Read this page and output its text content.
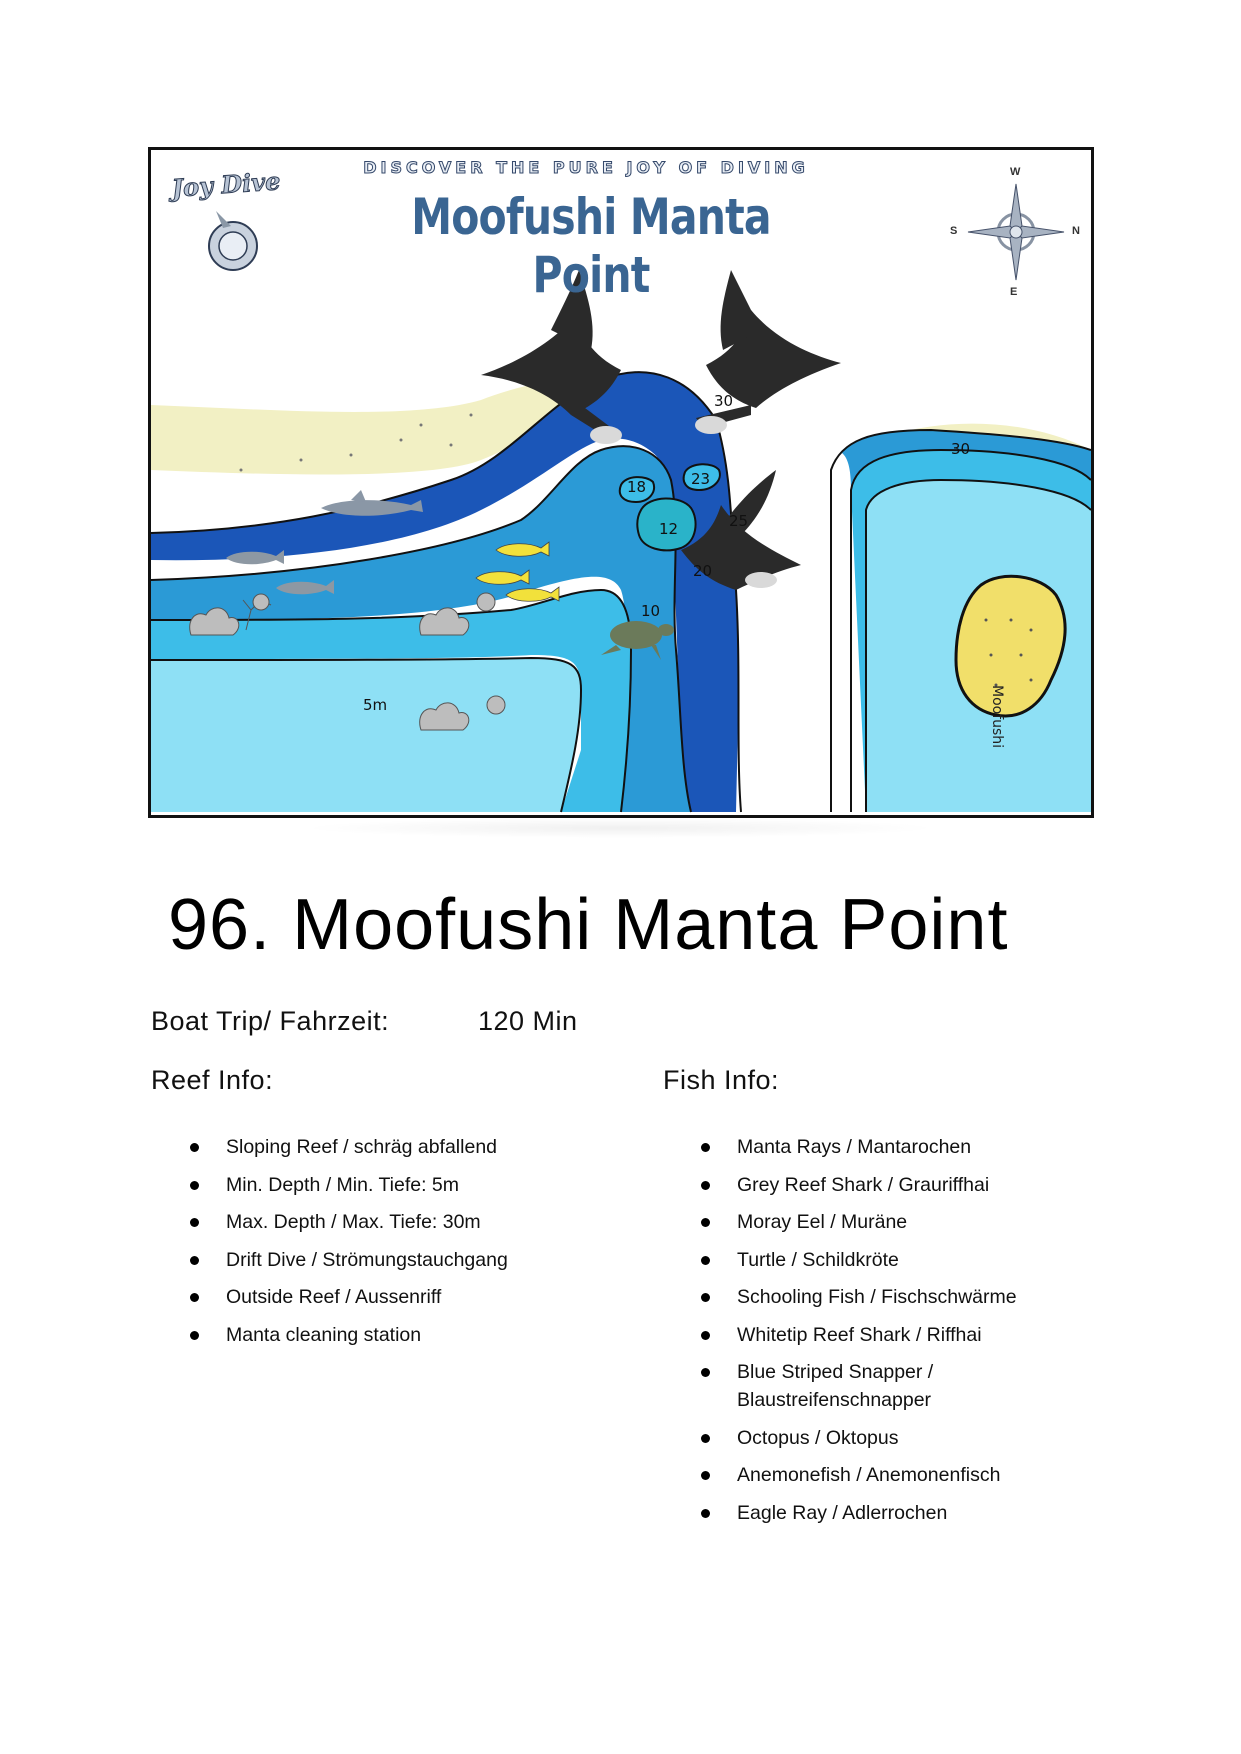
Joy Dive	DISCOVER THE PURE JOY OF DIVING
Moofushi Manta Point
W
E
S	N
30
30
18	23
12	25
20
10
5m	Moofushi
96. Moofushi Manta Point
Boat Trip/ Fahrzeit:	120 Min
Reef Info:	Fish Info:
Sloping Reef / schräg abfallend
Min. Depth / Min. Tiefe: 5m
Max. Depth / Max. Tiefe: 30m
Drift Dive / Strömungstauchgang
Outside Reef / Aussenriff
Manta cleaning station
Manta Rays / Mantarochen
Grey Reef Shark / Grauriffhai
Moray Eel / Muräne
Turtle / Schildkröte
Schooling Fish / Fischschwärme
Whitetip Reef Shark / Riffhai
Blue Striped Snapper / Blaustreifenschnapper
Octopus / Oktopus
Anemonefish / Anemonenfisch
Eagle Ray / Adlerrochen
